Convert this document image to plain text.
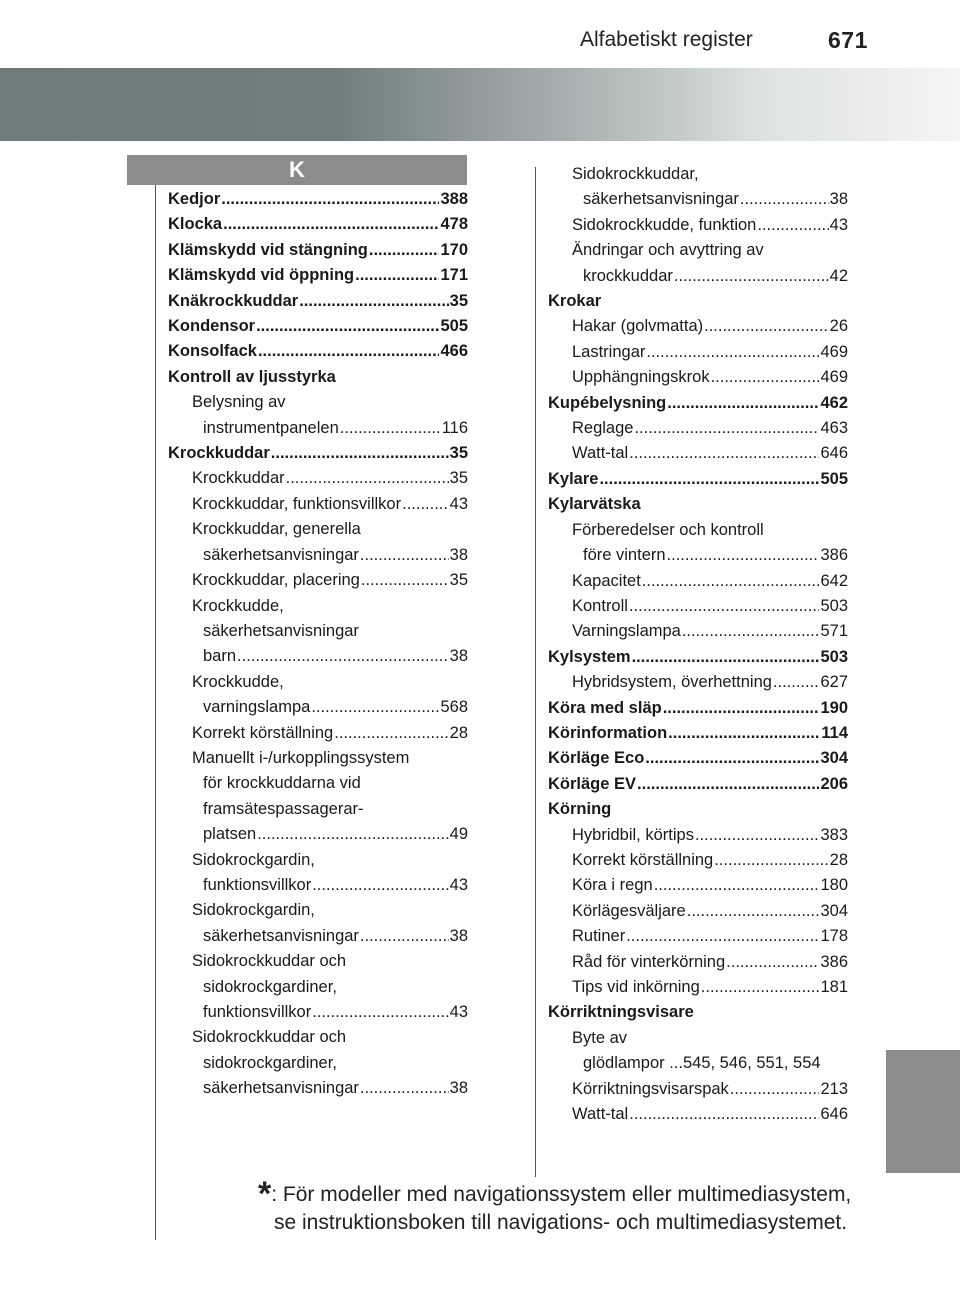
Alfabetiskt register	671
K
Kedjor .....	388
Klocka .....	478
Klämskydd vid stängning .....	170
Klämskydd vid öppning .....	171
Knäkrockkuddar .....	35
Kondensor .....	505
Konsolfack .....	466
Kontroll av ljusstyrka
Belysning av
instrumentpanelen .....	116
Krockkuddar .....	35
Krockkuddar .....	35
Krockkuddar, funktionsvillkor .....	43
Krockkuddar, generella
säkerhetsanvisningar .....	38
Krockkuddar, placering .....	35
Krockkudde,
säkerhetsanvisningar
barn .....	38
Krockkudde,
varningslampa .....	568
Korrekt körställning .....	28
Manuellt i-/urkopplingssystem
för krockkuddarna vid
framsätespassagerar-
platsen .....	49
Sidokrockgardin,
funktionsvillkor .....	43
Sidokrockgardin,
säkerhetsanvisningar .....	38
Sidokrockkuddar och
sidokrockgardiner,
funktionsvillkor .....	43
Sidokrockkuddar och
sidokrockgardiner,
säkerhetsanvisningar .....	38
Sidokrockkuddar,
säkerhetsanvisningar .....	38
Sidokrockkudde, funktion .....	43
Ändringar och avyttring av
krockkuddar .....	42
Krokar
Hakar (golvmatta) .....	26
Lastringar .....	469
Upphängningskrok .....	469
Kupébelysning .....	462
Reglage .....	463
Watt-tal .....	646
Kylare .....	505
Kylarvätska
Förberedelser och kontroll
före vintern .....	386
Kapacitet .....	642
Kontroll .....	503
Varningslampa .....	571
Kylsystem .....	503
Hybridsystem, överhettning .....	627
Köra med släp .....	190
Körinformation .....	114
Körläge Eco .....	304
Körläge EV .....	206
Körning
Hybridbil, körtips .....	383
Korrekt körställning .....	28
Köra i regn .....	180
Körlägesväljare .....	304
Rutiner .....	178
Råd för vinterkörning .....	386
Tips vid inkörning .....	181
Körriktningsvisare
Byte av
glödlampor ...545, 546, 551, 554
Körriktningsvisarspak .....	213
Watt-tal .....	646
*: För modeller med navigationssystem eller multimediasystem,
se instruktionsboken till navigations- och multimediasystemet.
